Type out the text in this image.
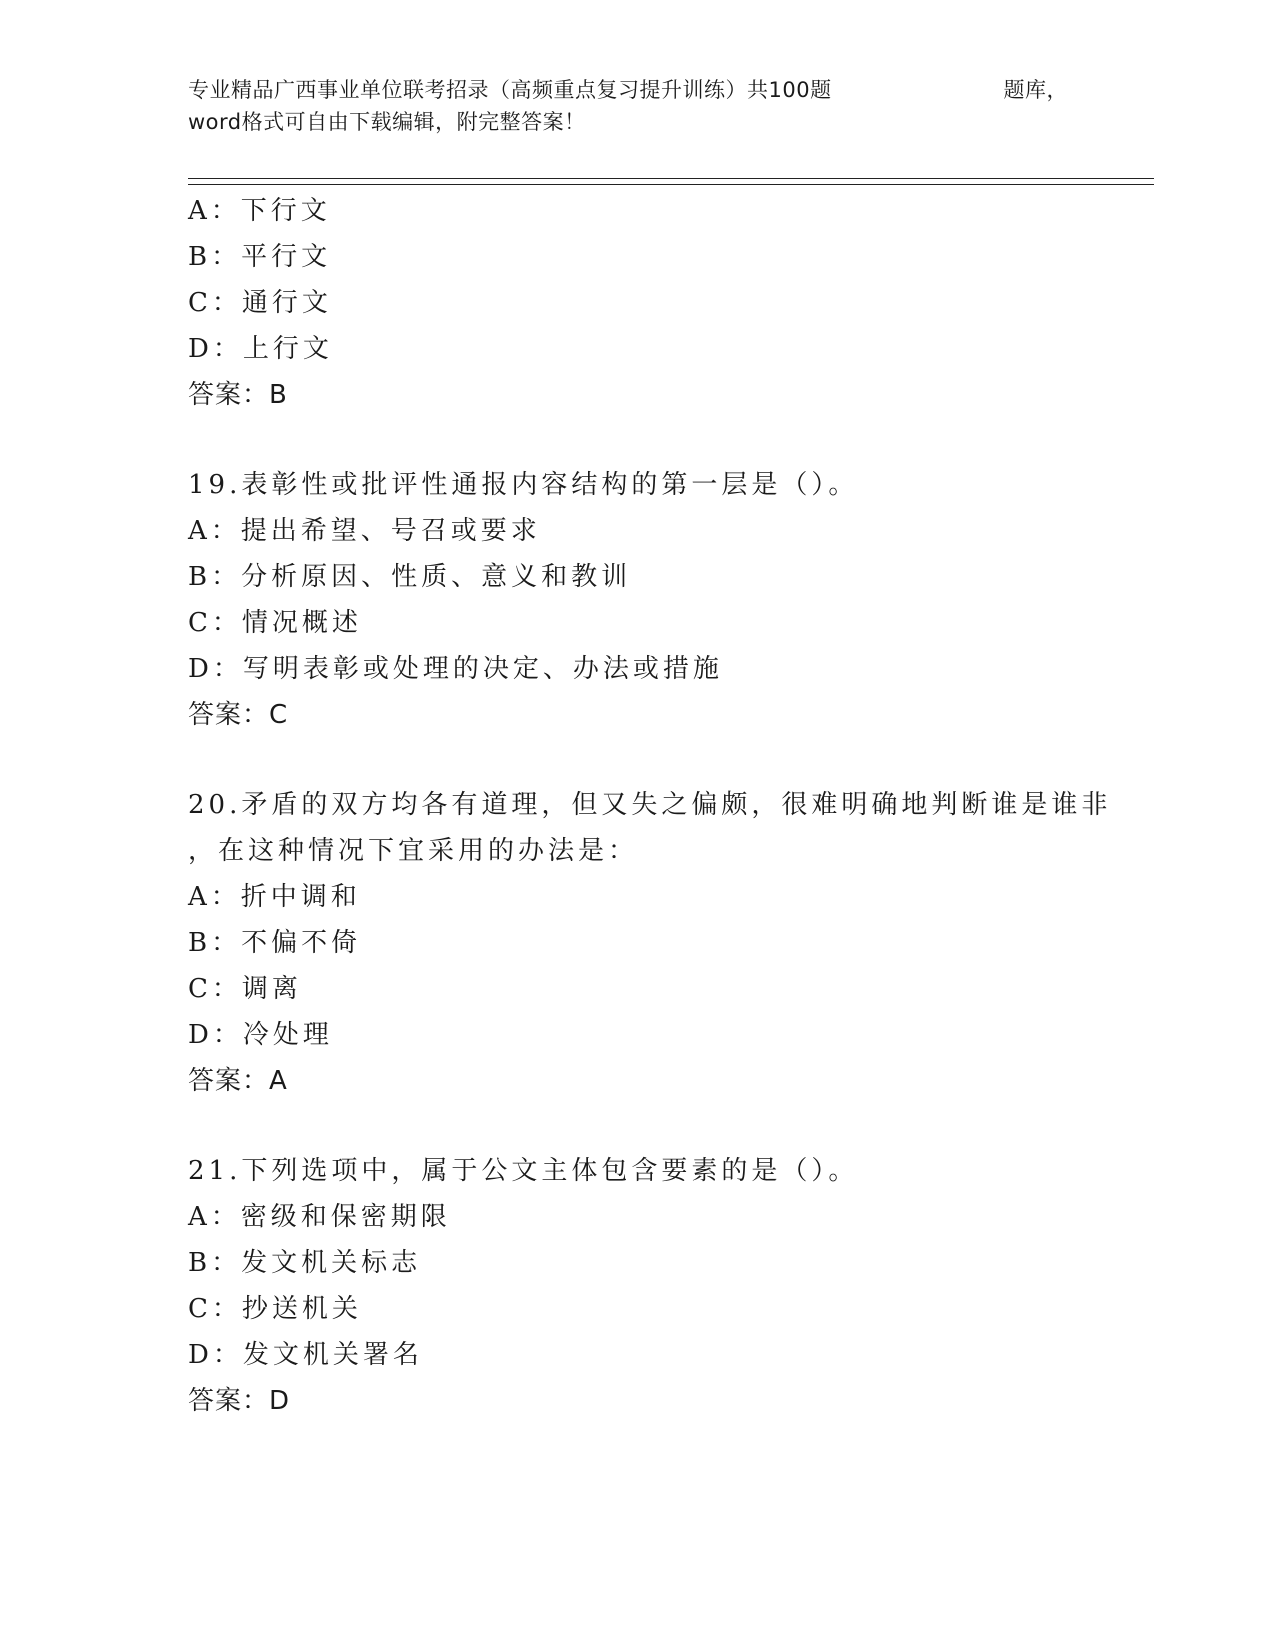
专业精品广西事业单位联考招录（高频重点复习提升训练）共100题	题库，
word格式可自由下载编辑，附完整答案！
A：下行文
B：平行文
C：通行文
D：上行文
答案：B
19.表彰性或批评性通报内容结构的第一层是（）。
A：提出希望、号召或要求
B：分析原因、性质、意义和教训
C：情况概述
D：写明表彰或处理的决定、办法或措施
答案：C
20.矛盾的双方均各有道理，但又失之偏颇，很难明确地判断谁是谁非
，在这种情况下宜采用的办法是：
A：折中调和
B：不偏不倚
C：调离
D：冷处理
答案：A
21.下列选项中，属于公文主体包含要素的是（）。
A：密级和保密期限
B：发文机关标志
C：抄送机关
D：发文机关署名
答案：D
